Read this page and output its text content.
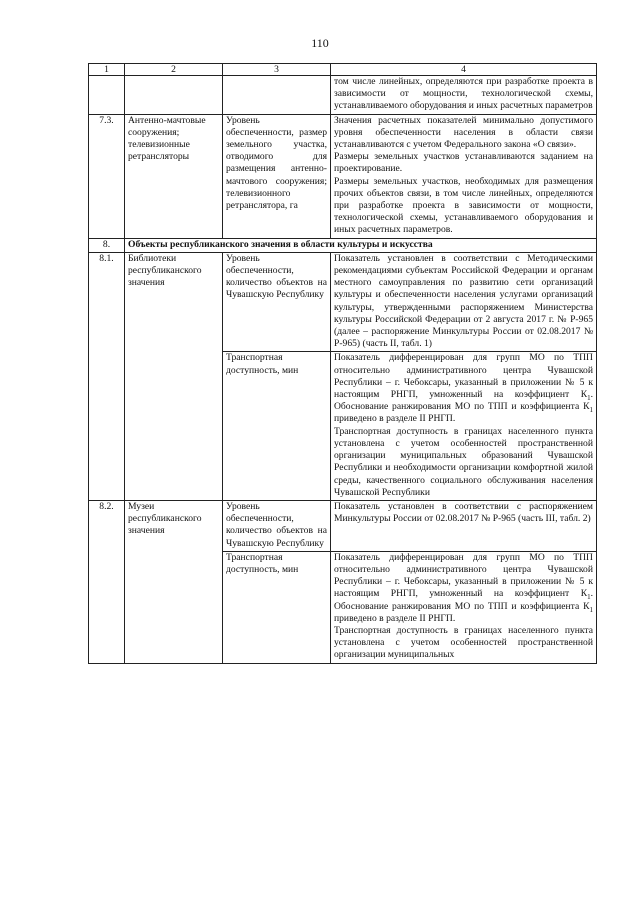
110
1	2	3	4

			том числе линейных, определяются при разработке проекта в зависимости от мощности, технологической схемы, устанавливаемого оборудования и иных расчетных параметров

7.3.	Антенно-мачтовые сооружения; телевизионные ретрансляторы	Уровень обеспеченности, размер земельного участка, отводимого для размещения антенно-мачтового сооружения; телевизионного ретранслятора, га	Значения расчетных показателей минимально допустимого уровня обеспеченности населения в области связи устанавливаются с учетом Федерального закона «О связи».

Размеры земельных участков устанавливаются заданием на проектирование.

Размеры земельных участков, необходимых для размещения прочих объектов связи, в том числе линейных, определяются при разработке проекта в зависимости от мощности, технологической схемы, устанавливаемого оборудования и иных расчетных параметров.

8.	Объекты республиканского значения в области культуры и искусства		
8.1.	Библиотеки республиканского значения	Уровень обеспеченности, количество объектов на Чувашскую Республику	Показатель установлен в соответствии с Методическими рекомендациями субъектам Российской Федерации и органам местного самоуправления по развитию сети организаций культуры и обеспеченности населения услугами организаций культуры, утвержденными распоряжением Министерства культуры Российской Федерации от 2 августа 2017 г. № Р-965 (далее – распоряжение Минкультуры России от 02.08.2017 № Р-965) (часть II, табл. 1)

		Транспортная доступность, мин	Показатель дифференцирован для групп МО по ТПП относительно административного центра Чувашской Республики – г. Чебоксары, указанный в приложении № 5 к настоящим РНГП, умноженный на коэффициент $К_1$. Обоснование ранжирования МО по ТПП и коэффициента $К_1$ приведено в разделе II РНГП.

Транспортная доступность в границах населенного пункта установлена с учетом особенностей пространственной организации муниципальных образований Чувашской Республики и необходимости организации комфортной жилой среды, качественного социального обслуживания населения Чувашской Республики

8.2.	Музеи республиканского значения	Уровень обеспеченности, количество объектов на Чувашскую Республику	Показатель установлен в соответствии с распоряжением Минкультуры России от 02.08.2017 № Р-965 (часть III, табл. 2)

		Транспортная доступность, мин	Показатель дифференцирован для групп МО по ТПП относительно административного центра Чувашской Республики – г. Чебоксары, указанный в приложении № 5 к настоящим РНГП, умноженный на коэффициент $К_1$. Обоснование ранжирования МО по ТПП и коэффициента $К_1$ приведено в разделе II РНГП.

Транспортная доступность в границах населенного пункта установлена с учетом особенностей пространственной организации муниципальных
